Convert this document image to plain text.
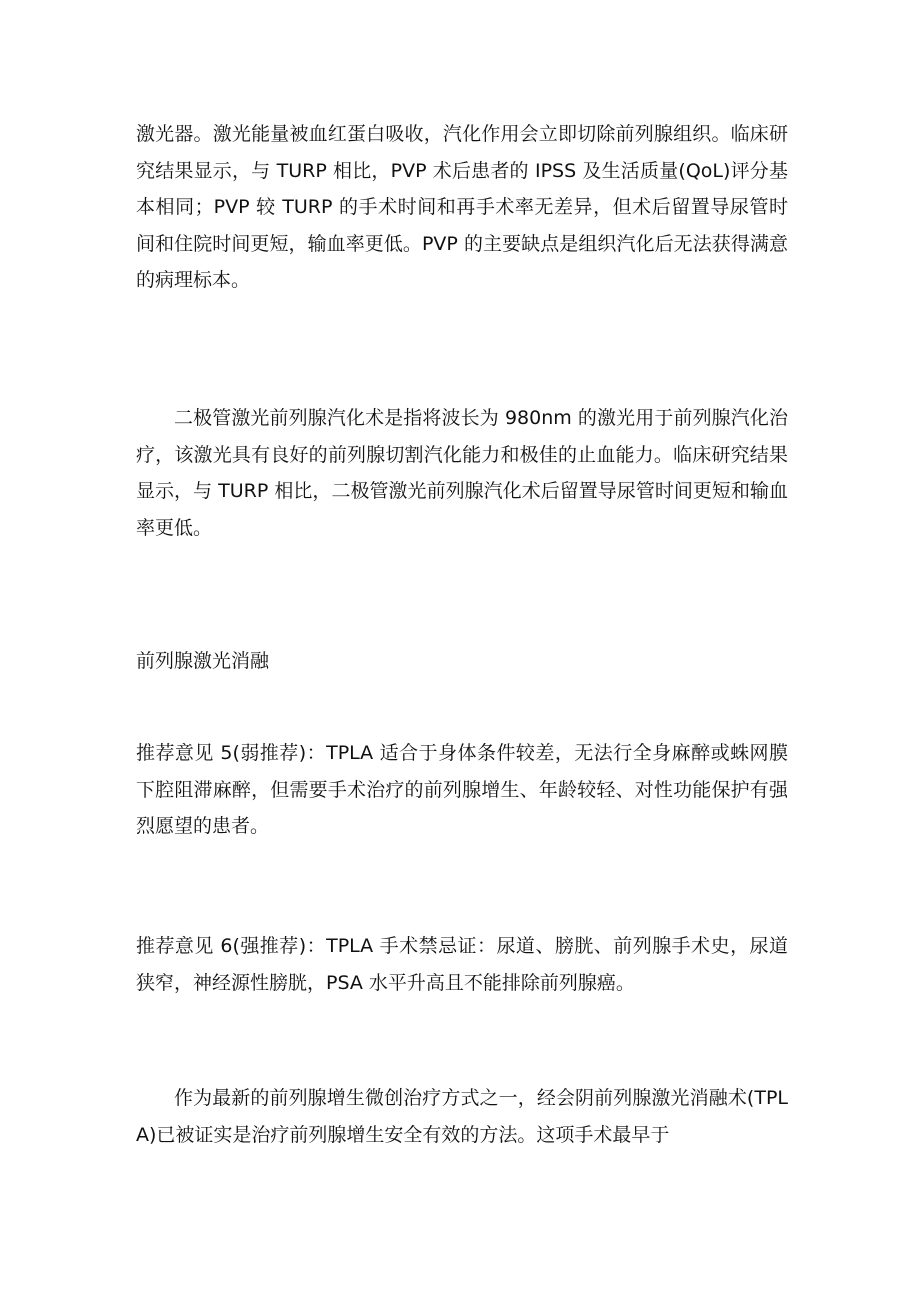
激光器。激光能量被血红蛋白吸收，汽化作用会立即切除前列腺组织。临床研究结果显示，与 TURP 相比，PVP 术后患者的 IPSS 及生活质量(QoL)评分基本相同；PVP 较 TURP 的手术时间和再手术率无差异，但术后留置导尿管时间和住院时间更短，输血率更低。PVP 的主要缺点是组织汽化后无法获得满意的病理标本。

二极管激光前列腺汽化术是指将波长为 980nm 的激光用于前列腺汽化治疗，该激光具有良好的前列腺切割汽化能力和极佳的止血能力。临床研究结果显示，与 TURP 相比，二极管激光前列腺汽化术后留置导尿管时间更短和输血率更低。

前列腺激光消融

推荐意见 5(弱推荐)：TPLA 适合于身体条件较差，无法行全身麻醉或蛛网膜下腔阻滞麻醉，但需要手术治疗的前列腺增生、年龄较轻、对性功能保护有强烈愿望的患者。

推荐意见 6(强推荐)：TPLA 手术禁忌证：尿道、膀胱、前列腺手术史，尿道狭窄，神经源性膀胱，PSA 水平升高且不能排除前列腺癌。

作为最新的前列腺增生微创治疗方式之一，经会阴前列腺激光消融术(TPLA)已被证实是治疗前列腺增生安全有效的方法。这项手术最早于
